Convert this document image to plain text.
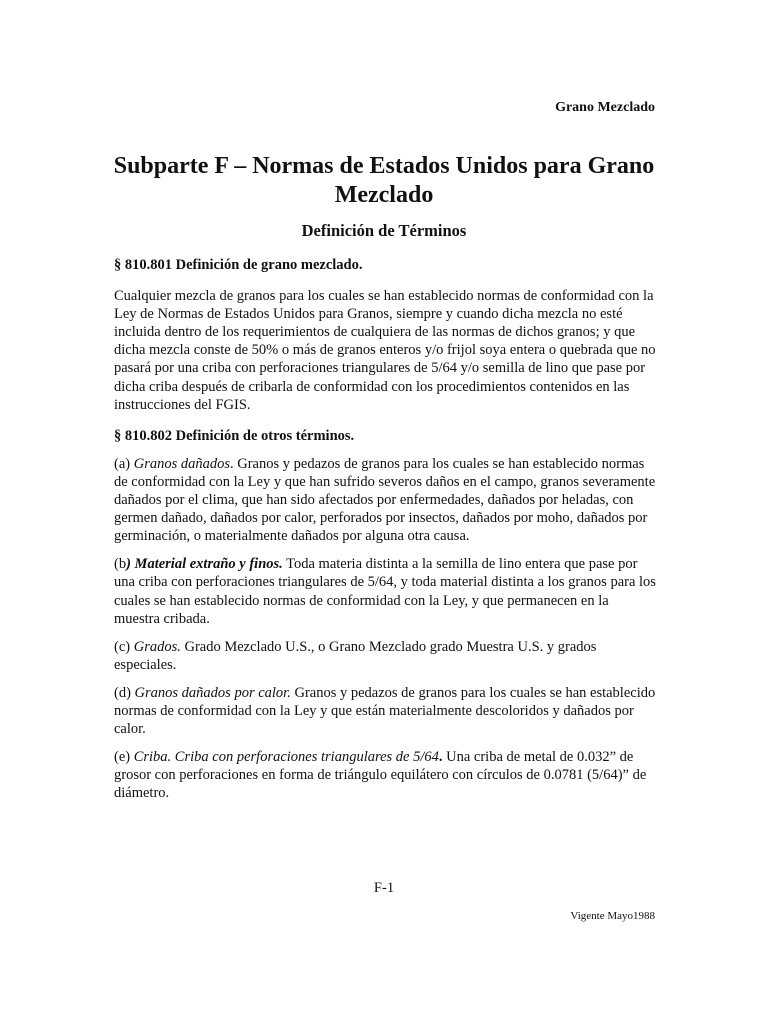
Grano Mezclado
Subparte F – Normas de Estados Unidos para Grano Mezclado
Definición de Términos

§ 810.801 Definición de grano mezclado.

Cualquier mezcla de granos para los cuales se han establecido normas de conformidad con la Ley de Normas de Estados Unidos para Granos, siempre y cuando dicha mezcla no esté incluida dentro de los requerimientos de cualquiera de las normas de dichos granos; y que dicha mezcla conste de 50% o más de granos enteros y/o frijol soya entera o quebrada que no pasará por una criba con perforaciones triangulares de 5/64 y/o semilla de lino que pase por dicha criba después de cribarla de conformidad con los procedimientos contenidos en las instrucciones del FGIS.

§ 810.802 Definición de otros términos.

(a) Granos dañados. Granos y pedazos de granos para los cuales se han establecido normas de conformidad con la Ley y que han sufrido severos daños en el campo, granos severamente dañados por el clima, que han sido afectados por enfermedades, dañados por heladas, con germen dañado, dañados por calor, perforados por insectos, dañados por moho, dañados por germinación, o materialmente dañados por alguna otra causa.

(b) Material extraño y finos. Toda materia distinta a la semilla de lino entera que pase por una criba con perforaciones triangulares de 5/64, y toda material distinta a los granos para los cuales se han establecido normas de conformidad con la Ley, y que permanecen en la muestra cribada.

(c) Grados. Grado Mezclado U.S., o Grano Mezclado grado Muestra U.S. y grados especiales.

(d) Granos dañados por calor. Granos y pedazos de granos para los cuales se han establecido normas de conformidad con la Ley y que están materialmente descoloridos y dañados por calor.

(e) Criba. Criba con perforaciones triangulares de 5/64. Una criba de metal de 0.032” de grosor con perforaciones en forma de triángulo equilátero con círculos de 0.0781 (5/64)” de diámetro.

F-1
Vigente Mayo1988
